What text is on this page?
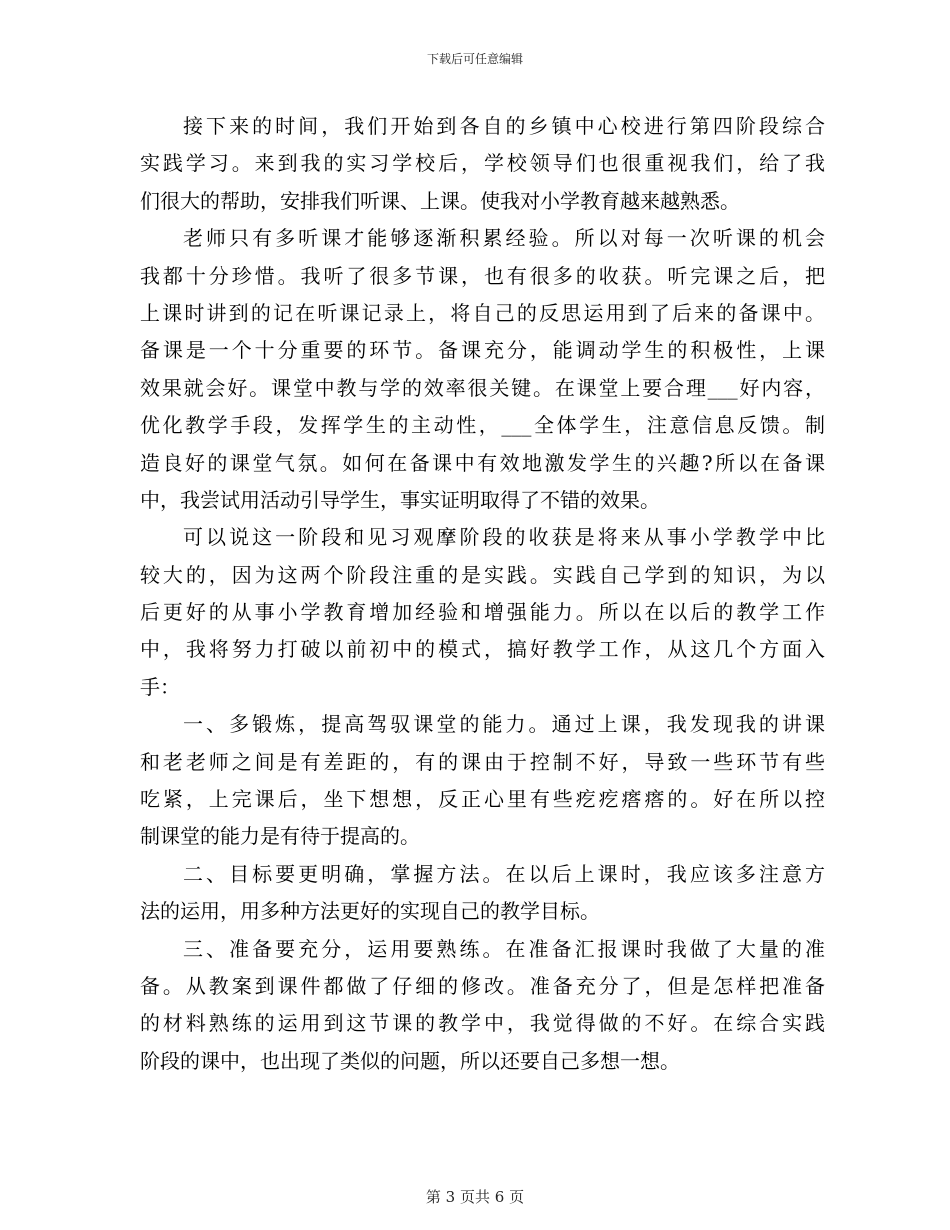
下载后可任意编辑
接下来的时间，我们开始到各自的乡镇中心校进行第四阶段综合
实践学习。来到我的实习学校后，学校领导们也很重视我们，给了我
们很大的帮助，安排我们听课、上课。使我对小学教育越来越熟悉。
老师只有多听课才能够逐渐积累经验。所以对每一次听课的机会
我都十分珍惜。我听了很多节课，也有很多的收获。听完课之后，把
上课时讲到的记在听课记录上，将自己的反思运用到了后来的备课中。
备课是一个十分重要的环节。备课充分，能调动学生的积极性，上课
效果就会好。课堂中教与学的效率很关键。在课堂上要合理___好内容，
优化教学手段，发挥学生的主动性，___全体学生，注意信息反馈。制
造良好的课堂气氛。如何在备课中有效地激发学生的兴趣?所以在备课
中，我尝试用活动引导学生，事实证明取得了不错的效果。
可以说这一阶段和见习观摩阶段的收获是将来从事小学教学中比
较大的，因为这两个阶段注重的是实践。实践自己学到的知识，为以
后更好的从事小学教育增加经验和增强能力。所以在以后的教学工作
中，我将努力打破以前初中的模式，搞好教学工作，从这几个方面入
手：
一、多锻炼，提高驾驭课堂的能力。通过上课，我发现我的讲课
和老老师之间是有差距的，有的课由于控制不好，导致一些环节有些
吃紧，上完课后，坐下想想，反正心里有些疙疙瘩瘩的。好在所以控
制课堂的能力是有待于提高的。
二、目标要更明确，掌握方法。在以后上课时，我应该多注意方
法的运用，用多种方法更好的实现自己的教学目标。
三、准备要充分，运用要熟练。在准备汇报课时我做了大量的准
备。从教案到课件都做了仔细的修改。准备充分了，但是怎样把准备
的材料熟练的运用到这节课的教学中，我觉得做的不好。在综合实践
阶段的课中，也出现了类似的问题，所以还要自己多想一想。
第 3 页共 6 页
